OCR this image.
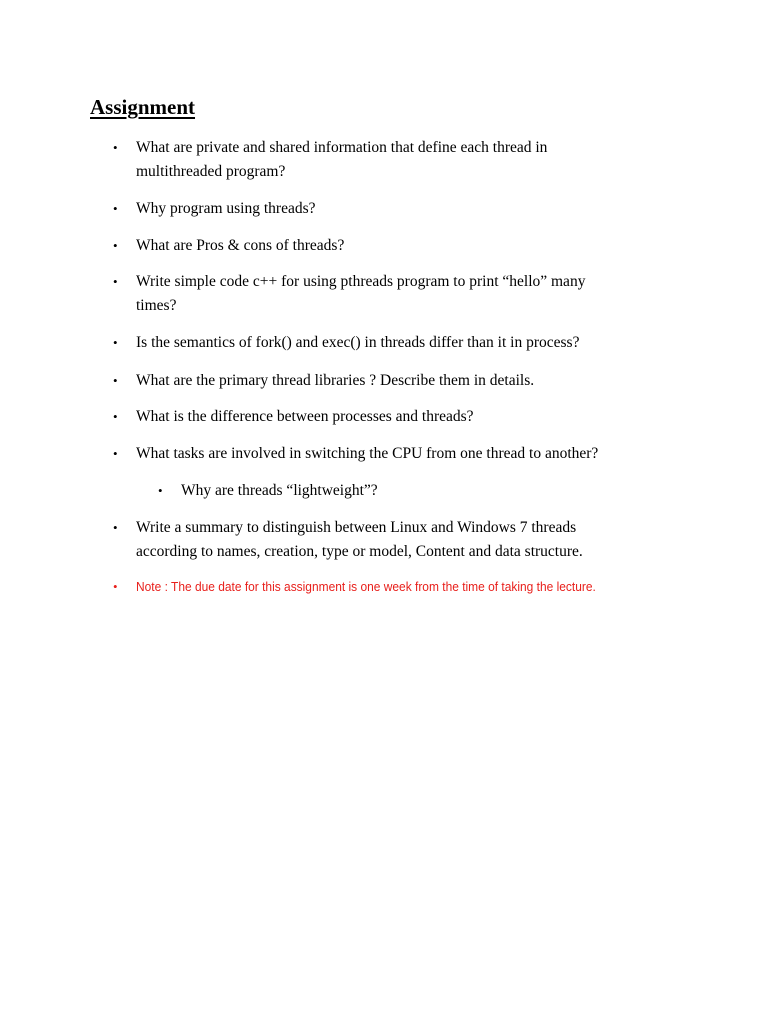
Assignment
• What are private and shared information that define each thread in
multithreaded program?
• Why program using threads?
• What are Pros & cons of threads?
• Write simple code c++ for using pthreads program to print “hello” many
times?
• Is the semantics of fork() and exec() in threads differ than it in process?
• What are the primary thread libraries ? Describe them in details.
• What is the difference between processes and threads?
• What tasks are involved in switching the CPU from one thread to another?
• Why are threads “lightweight”?
• Write a summary to distinguish between Linux and Windows 7 threads
according to names, creation, type or model, Content and data structure.
• Note : The due date for this assignment is one week from the time of taking the lecture.
